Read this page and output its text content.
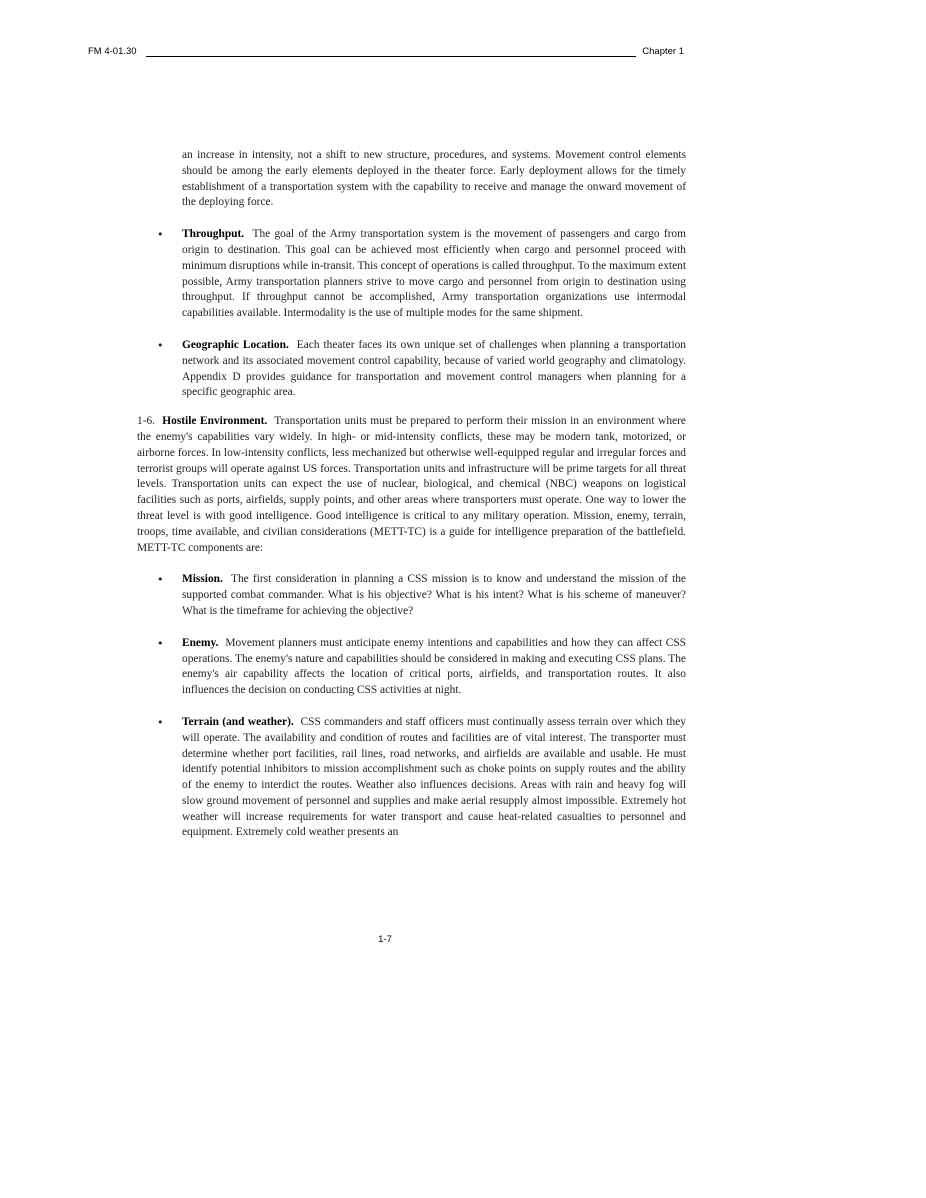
FM 4-01.30	Chapter 1

an increase in intensity, not a shift to new structure, procedures, and systems. Movement control elements should be among the early elements deployed in the theater force. Early deployment allows for the timely establishment of a transportation system with the capability to receive and manage the onward movement of the deploying force.

• Throughput. The goal of the Army transportation system is the movement of passengers and cargo from origin to destination. This goal can be achieved most efficiently when cargo and personnel proceed with minimum disruptions while in-transit. This concept of operations is called throughput. To the maximum extent possible, Army transportation planners strive to move cargo and personnel from origin to destination using throughput. If throughput cannot be accomplished, Army transportation organizations use intermodal capabilities available. Intermodality is the use of multiple modes for the same shipment.

• Geographic Location. Each theater faces its own unique set of challenges when planning a transportation network and its associated movement control capability, because of varied world geography and climatology. Appendix D provides guidance for transportation and movement control managers when planning for a specific geographic area.

1-6. Hostile Environment. Transportation units must be prepared to perform their mission in an environment where the enemy's capabilities vary widely. In high- or mid-intensity conflicts, these may be modern tank, motorized, or airborne forces. In low-intensity conflicts, less mechanized but otherwise well-equipped regular and irregular forces and terrorist groups will operate against US forces. Transportation units and infrastructure will be prime targets for all threat levels. Transportation units can expect the use of nuclear, biological, and chemical (NBC) weapons on logistical facilities such as ports, airfields, supply points, and other areas where transporters must operate. One way to lower the threat level is with good intelligence. Good intelligence is critical to any military operation. Mission, enemy, terrain, troops, time available, and civilian considerations (METT-TC) is a guide for intelligence preparation of the battlefield. METT-TC components are:

• Mission. The first consideration in planning a CSS mission is to know and understand the mission of the supported combat commander. What is his objective? What is his intent? What is his scheme of maneuver? What is the timeframe for achieving the objective?

• Enemy. Movement planners must anticipate enemy intentions and capabilities and how they can affect CSS operations. The enemy's nature and capabilities should be considered in making and executing CSS plans. The enemy's air capability affects the location of critical ports, airfields, and transportation routes. It also influences the decision on conducting CSS activities at night.

• Terrain (and weather). CSS commanders and staff officers must continually assess terrain over which they will operate. The availability and condition of routes and facilities are of vital interest. The transporter must determine whether port facilities, rail lines, road networks, and airfields are available and usable. He must identify potential inhibitors to mission accomplishment such as choke points on supply routes and the ability of the enemy to interdict the routes. Weather also influences decisions. Areas with rain and heavy fog will slow ground movement of personnel and supplies and make aerial resupply almost impossible. Extremely hot weather will increase requirements for water transport and cause heat-related casualties to personnel and equipment. Extremely cold weather presents an

1-7
